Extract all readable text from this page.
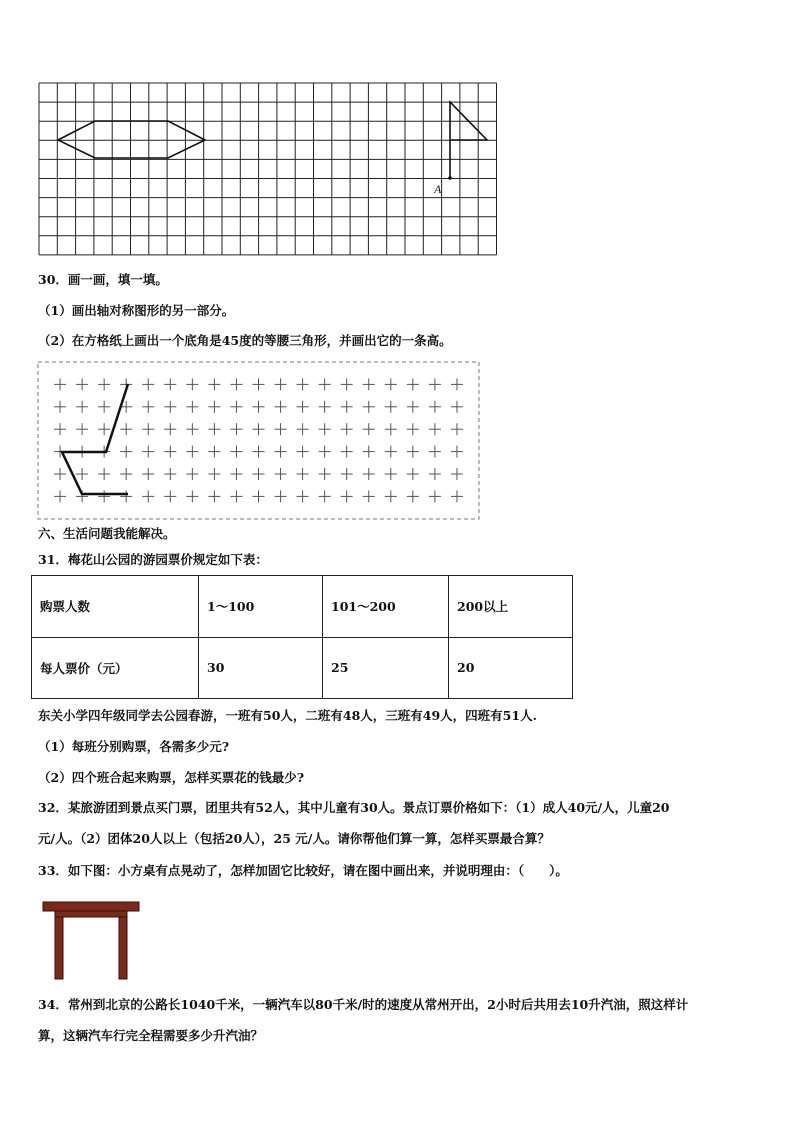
A
30．画一画，填一填。
（1）画出轴对称图形的另一部分。
（2）在方格纸上画出一个底角是45度的等腰三角形，并画出它的一条高。
六、生活问题我能解决。
31．梅花山公园的游园票价规定如下表：
购票人数	1～100	101～200	200以上
每人票价（元）	30	25	20
东关小学四年级同学去公园春游，一班有50人，二班有48人，三班有49人，四班有51人.
（1）每班分别购票，各需多少元?
（2）四个班合起来购票，怎样买票花的钱最少?
32．某旅游团到景点买门票，团里共有52人，其中儿童有30人。景点订票价格如下：（1）成人40元/人，儿童20
元/人。（2）团体20人以上（包括20人），25 元/人。请你帮他们算一算，怎样买票最合算？
33．如下图：小方桌有点晃动了，怎样加固它比较好，请在图中画出来，并说明理由：（　　）。
34．常州到北京的公路长1040千米，一辆汽车以80千米/时的速度从常州开出，2小时后共用去10升汽油，照这样计
算，这辆汽车行完全程需要多少升汽油？
